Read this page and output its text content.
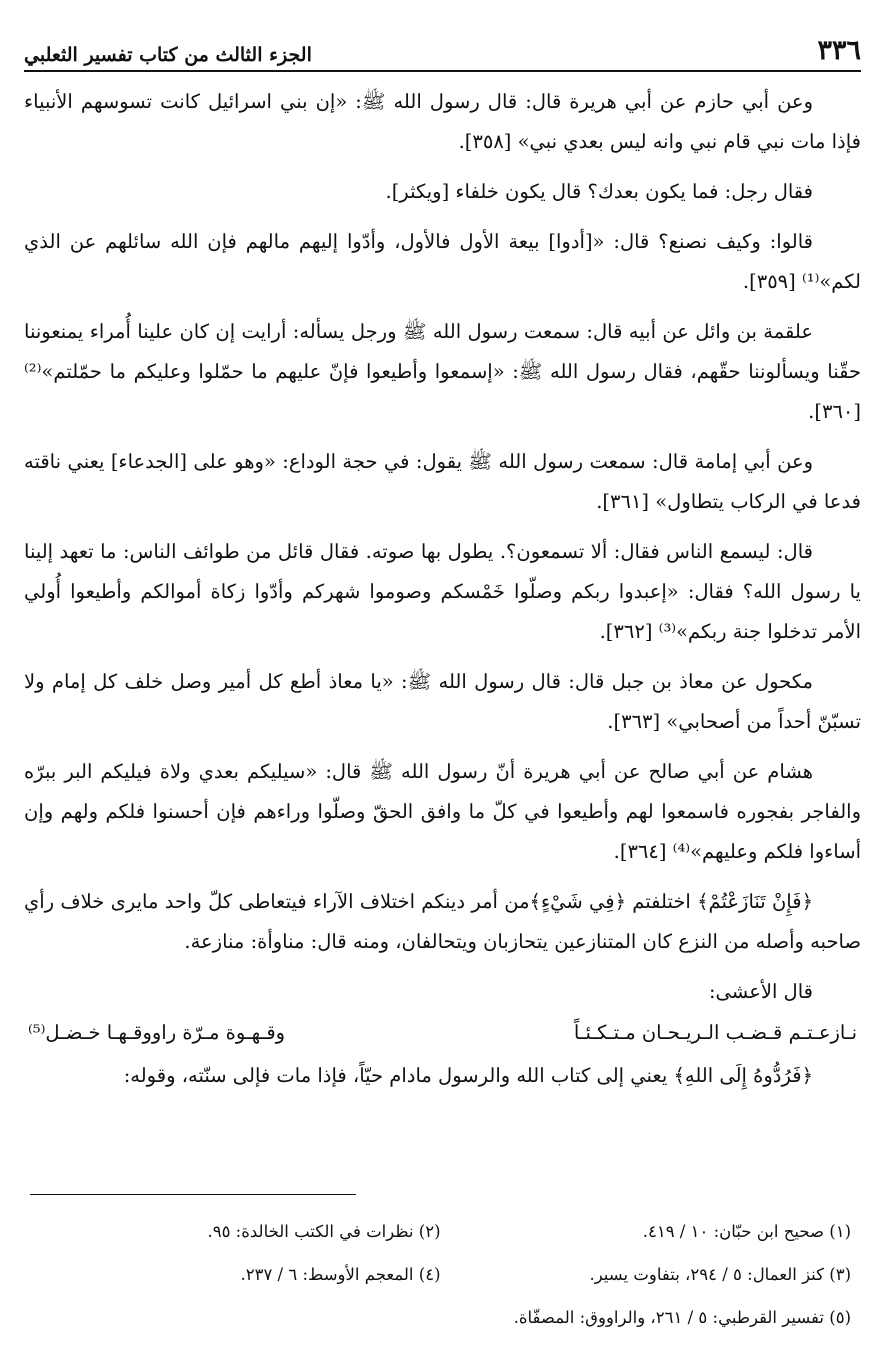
٣٣٦
الجزء الثالث من كتاب تفسير الثعلبي

وعن أبي حازم عن أبي هريرة قال: قال رسول الله ﷺ: «إن بني اسرائيل كانت تسوسهم الأنبياء فإذا مات نبي قام نبي وانه ليس بعدي نبي» [٣٥٨].

فقال رجل: فما يكون بعدك؟ قال يكون خلفاء [ويكثر].

قالوا: وكيف نصنع؟ قال: «[أدوا] بيعة الأول فالأول، وأدّوا إليهم مالهم فإن الله سائلهم عن الذي لكم»⁽¹⁾ [٣٥٩].

علقمة بن وائل عن أبيه قال: سمعت رسول الله ﷺ ورجل يسأله: أرايت إن كان علينا أُمراء يمنعوننا حقّنا ويسألوننا حقّهم، فقال رسول الله ﷺ: «إسمعوا وأطيعوا فإنّ عليهم ما حمّلوا وعليكم ما حمّلتم»⁽²⁾ [٣٦٠].

وعن أبي إمامة قال: سمعت رسول الله ﷺ يقول: في حجة الوداع: «وهو على [الجدعاء] يعني ناقته فدعا في الركاب يتطاول» [٣٦١].

قال: ليسمع الناس فقال: ألا تسمعون؟. يطول بها صوته. فقال قائل من طوائف الناس: ما تعهد إلينا يا رسول الله؟ فقال: «إعبدوا ربكم وصلّوا خَمْسكم وصوموا شهركم وأدّوا زكاة أموالكم وأطيعوا أُولي الأمر تدخلوا جنة ربكم»⁽³⁾ [٣٦٢].

مكحول عن معاذ بن جبل قال: قال رسول الله ﷺ: «يا معاذ أطع كل أمير وصل خلف كل إمام ولا تسبّنّ أحداً من أصحابي» [٣٦٣].

هشام عن أبي صالح عن أبي هريرة أنّ رسول الله ﷺ قال: «سيليكم بعدي ولاة فيليكم البر ببرّه والفاجر بفجوره فاسمعوا لهم وأطيعوا في كلّ ما وافق الحقّ وصلّوا وراءهم فإن أحسنوا فلكم ولهم وإن أساءوا فلكم وعليهم»⁽⁴⁾ [٣٦٤].

﴿فَإِنْ تَنَازَعْتُمْ﴾ اختلفتم ﴿فِي شَيْءٍ﴾من أمر دينكم اختلاف الآراء فيتعاطى كلّ واحد مايرى خلاف رأي صاحبه وأصله من النزع كان المتنازعين يتحازبان ويتحالفان، ومنه قال: مناوأة: منازعة.

قال الأعشى:

نـازعـتـم قـضـب الـريـحـان مـتـكـئـاً
وقـهـوة مـرّة راووقـهـا خـضـل⁽⁵⁾

﴿فَرُدُّوهُ إِلَى اللهِ﴾ يعني إلى كتاب الله والرسول مادام حيّاً، فإذا مات فإلى سنّته، وقوله:

(١) صحيح ابن حبّان: ١٠ / ٤١٩.
(٢) نظرات في الكتب الخالدة: ٩٥.
(٣) كنز العمال: ٥ / ٢٩٤، بتفاوت يسير.
(٤) المعجم الأوسط: ٦ / ٢٣٧.
(٥) تفسير القرطبي: ٥ / ٢٦١، والراووق: المصفّاة.
